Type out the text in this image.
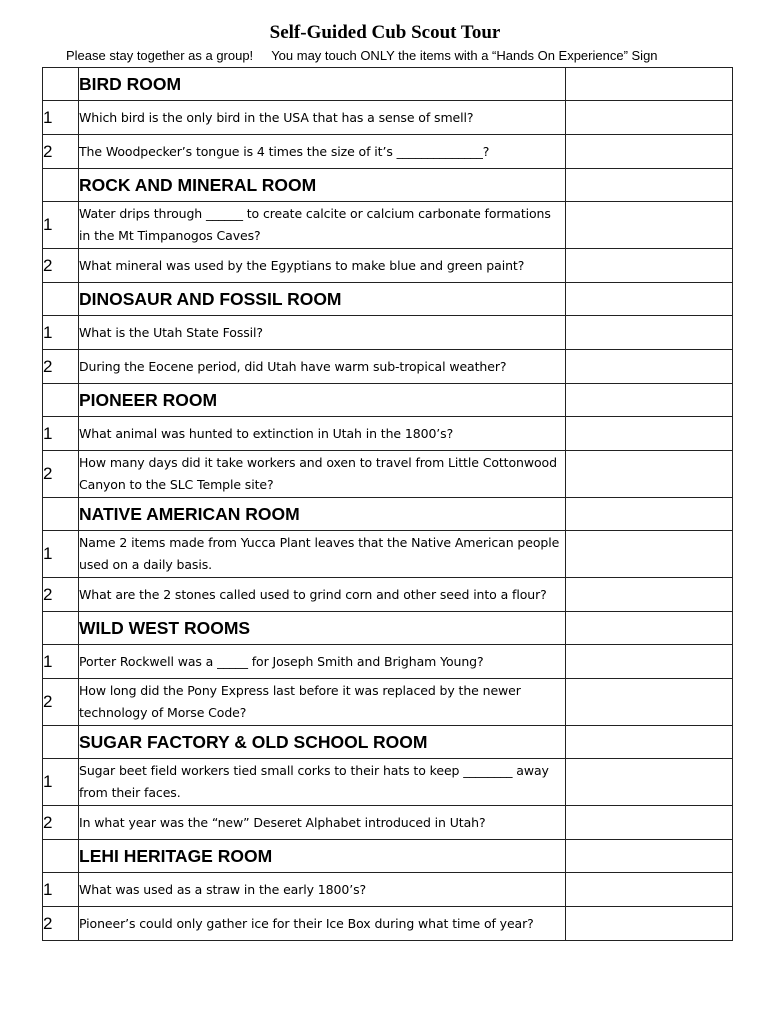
Self-Guided Cub Scout Tour
Please stay together as a group! You may touch ONLY the items with a “Hands On Experience” Sign
	BIRD ROOM	
1	Which bird is the only bird in the USA that has a sense of smell?	
2	The Woodpecker’s tongue is 4 times the size of it’s ______________?	
	ROCK AND MINERAL ROOM	
1	Water drips through ______ to create calcite or calcium carbonate formations in the Mt Timpanogos Caves?	
2	What mineral was used by the Egyptians to make blue and green paint?	
	DINOSAUR AND FOSSIL ROOM	
1	What is the Utah State Fossil?	
2	During the Eocene period, did Utah have warm sub-tropical weather?	
	PIONEER ROOM	
1	What animal was hunted to extinction in Utah in the 1800’s?	
2	How many days did it take workers and oxen to travel from Little Cottonwood Canyon to the SLC Temple site?	
	NATIVE AMERICAN ROOM	
1	Name 2 items made from Yucca Plant leaves that the Native American people used on a daily basis.	
2	What are the 2 stones called used to grind corn and other seed into a flour?	
	WILD WEST ROOMS	
1	Porter Rockwell was a _____ for Joseph Smith and Brigham Young?	
2	How long did the Pony Express last before it was replaced by the newer technology of Morse Code?	
	SUGAR FACTORY & OLD SCHOOL ROOM	
1	Sugar beet field workers tied small corks to their hats to keep ________ away from their faces.	
2	In what year was the “new” Deseret Alphabet introduced in Utah?	
	LEHI HERITAGE ROOM	
1	What was used as a straw in the early 1800’s?	
2	Pioneer’s could only gather ice for their Ice Box during what time of year?	
